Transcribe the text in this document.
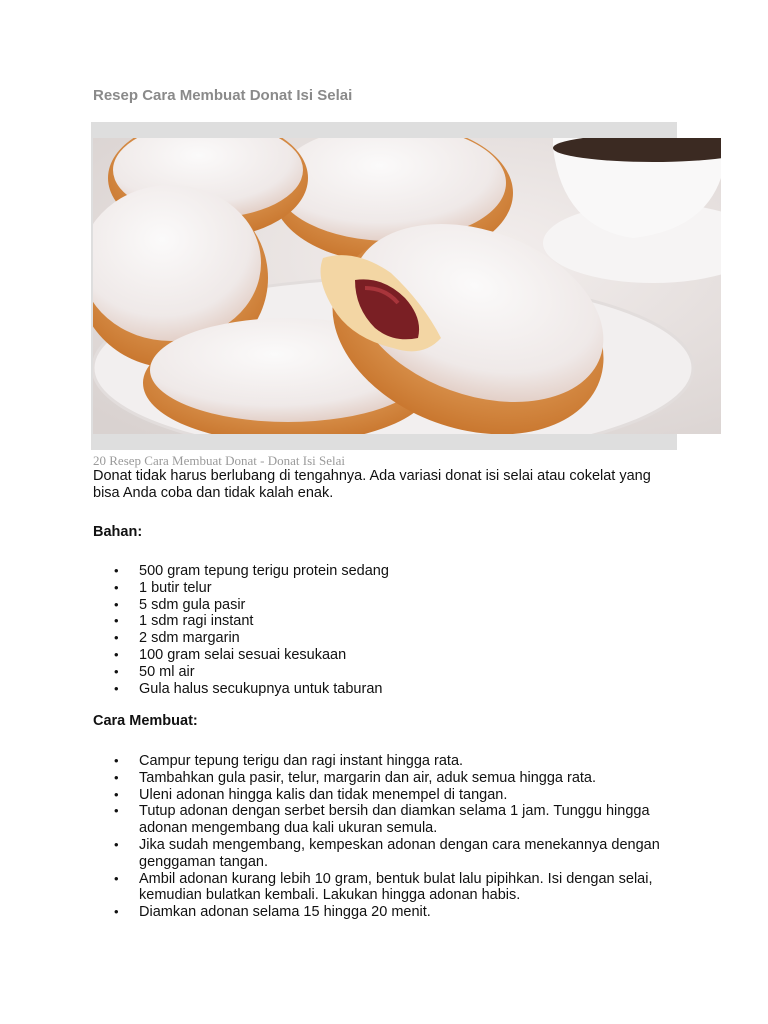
Resep Cara Membuat Donat Isi Selai
20 Resep Cara Membuat Donat - Donat Isi Selai
Donat tidak harus berlubang di tengahnya. Ada variasi donat isi selai atau cokelat yang bisa Anda coba dan tidak kalah enak.
Bahan:
• 500 gram tepung terigu protein sedang
• 1 butir telur
• 5 sdm gula pasir
• 1 sdm ragi instant
• 2 sdm margarin
• 100 gram selai sesuai kesukaan
• 50 ml air
• Gula halus secukupnya untuk taburan
Cara Membuat:
• Campur tepung terigu dan ragi instant hingga rata.
• Tambahkan gula pasir, telur, margarin dan air, aduk semua hingga rata.
• Uleni adonan hingga kalis dan tidak menempel di tangan.
• Tutup adonan dengan serbet bersih dan diamkan selama 1 jam. Tunggu hingga adonan mengembang dua kali ukuran semula.
• Jika sudah mengembang, kempeskan adonan dengan cara menekannya dengan genggaman tangan.
• Ambil adonan kurang lebih 10 gram, bentuk bulat lalu pipihkan. Isi dengan selai, kemudian bulatkan kembali. Lakukan hingga adonan habis.
• Diamkan adonan selama 15 hingga 20 menit.
